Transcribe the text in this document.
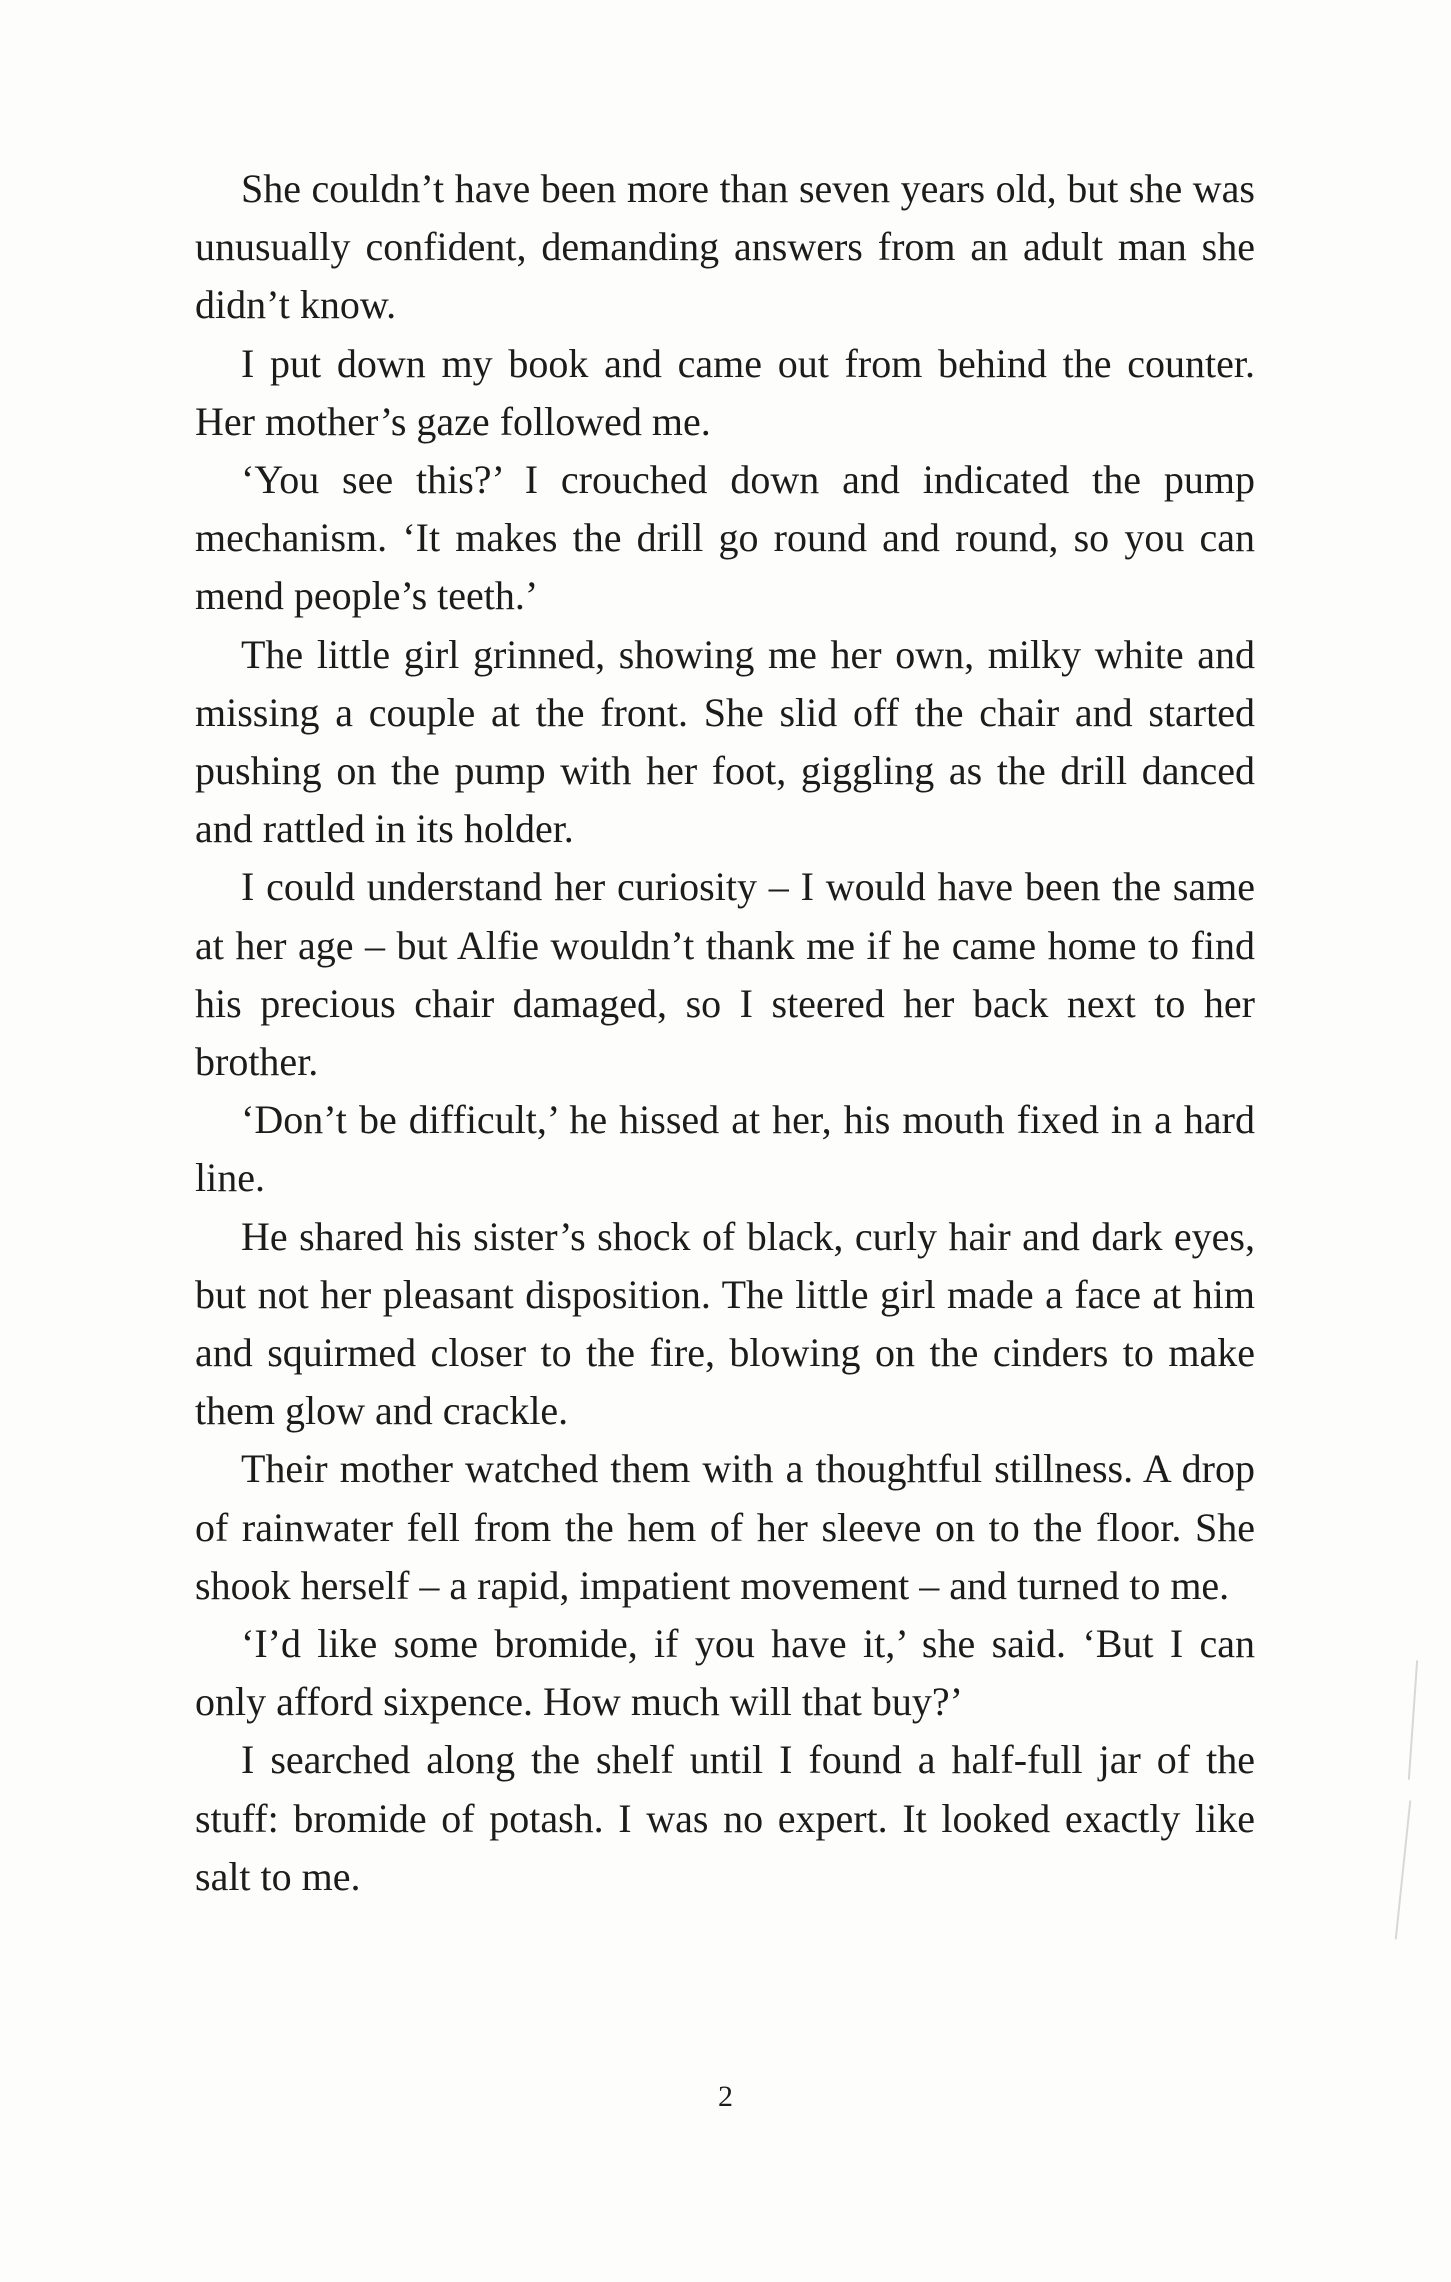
She couldn’t have been more than seven years old, but she was unusually confident, demanding answers from an adult man she didn’t know.

I put down my book and came out from behind the counter. Her mother’s gaze followed me.

‘You see this?’ I crouched down and indicated the pump mechanism. ‘It makes the drill go round and round, so you can mend people’s teeth.’

The little girl grinned, showing me her own, milky white and missing a couple at the front. She slid off the chair and started pushing on the pump with her foot, giggling as the drill danced and rattled in its holder.

I could understand her curiosity – I would have been the same at her age – but Alfie wouldn’t thank me if he came home to find his precious chair damaged, so I steered her back next to her brother.

‘Don’t be difficult,’ he hissed at her, his mouth fixed in a hard line.

He shared his sister’s shock of black, curly hair and dark eyes, but not her pleasant disposition. The little girl made a face at him and squirmed closer to the fire, blowing on the cinders to make them glow and crackle.

Their mother watched them with a thoughtful stillness. A drop of rainwater fell from the hem of her sleeve on to the floor. She shook herself – a rapid, impatient movement – and turned to me.

‘I’d like some bromide, if you have it,’ she said. ‘But I can only afford sixpence. How much will that buy?’

I searched along the shelf until I found a half-full jar of the stuff: bromide of potash. I was no expert. It looked exactly like salt to me.

2
